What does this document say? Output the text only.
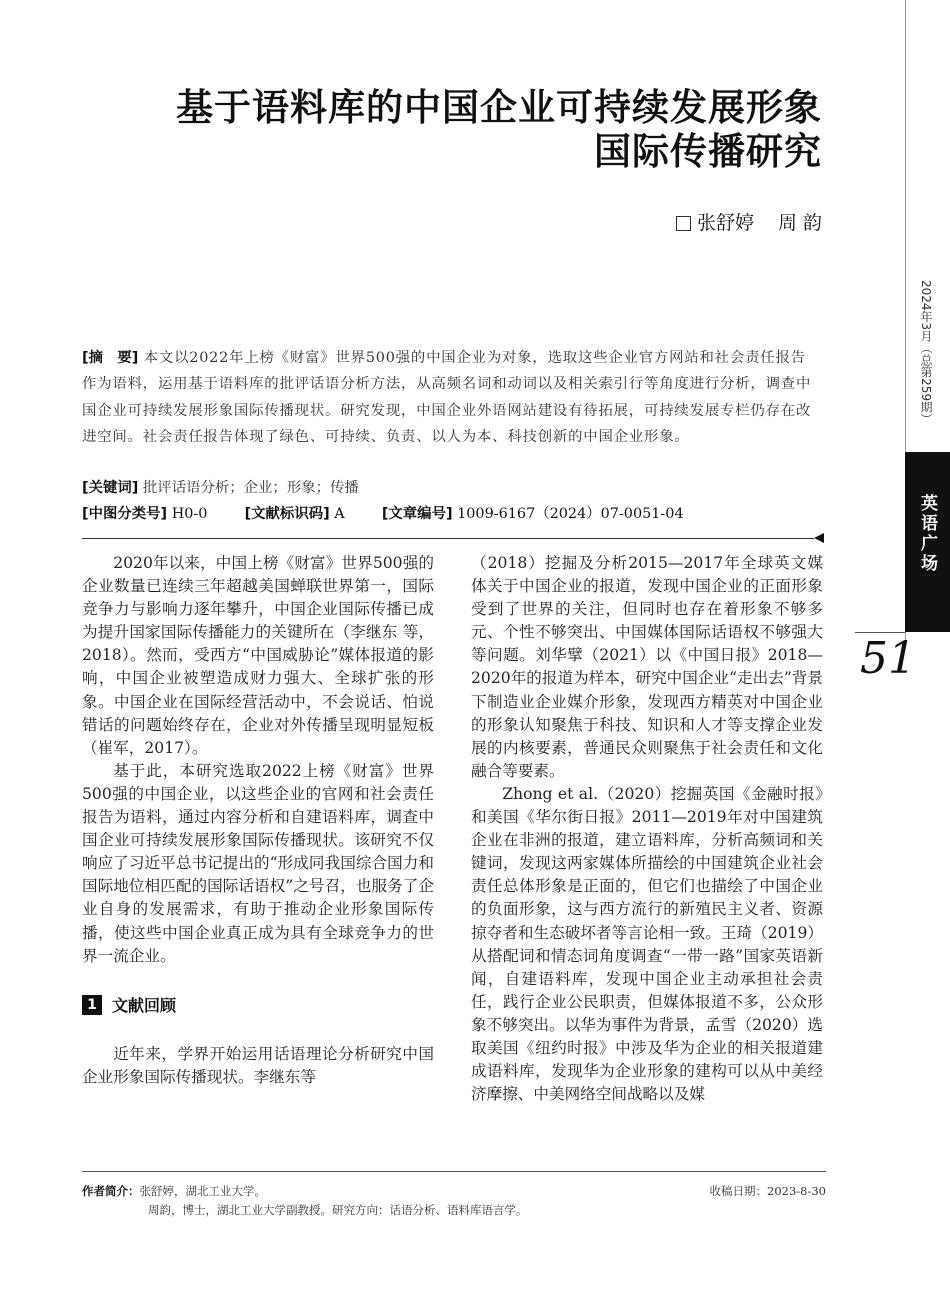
基于语料库的中国企业可持续发展形象
国际传播研究
张舒婷 周 韵
[摘　要] 本文以2022年上榜《财富》世界500强的中国企业为对象，选取这些企业官方网站和社会责任报告作为语料，运用基于语料库的批评话语分析方法，从高频名词和动词以及相关索引行等角度进行分析，调查中国企业可持续发展形象国际传播现状。研究发现，中国企业外语网站建设有待拓展，可持续发展专栏仍存在改进空间。社会责任报告体现了绿色、可持续、负责、以人为本、科技创新的中国企业形象。
[关键词] 批评话语分析；企业；形象；传播
[中图分类号] H0-0	[文献标识码] A	[文章编号] 1009-6167（2024）07-0051-04

2020年以来，中国上榜《财富》世界500强的企业数量已连续三年超越美国蝉联世界第一，国际竞争力与影响力逐年攀升，中国企业国际传播已成为提升国家国际传播能力的关键所在（李继东 等，2018）。然而，受西方“中国威胁论”媒体报道的影响，中国企业被塑造成财力强大、全球扩张的形象。中国企业在国际经营活动中，不会说话、怕说错话的问题始终存在，企业对外传播呈现明显短板（崔军，2017）。

基于此，本研究选取2022上榜《财富》世界500强的中国企业，以这些企业的官网和社会责任报告为语料，通过内容分析和自建语料库，调查中国企业可持续发展形象国际传播现状。该研究不仅响应了习近平总书记提出的“形成同我国综合国力和国际地位相匹配的国际话语权”之号召，也服务了企业自身的发展需求，有助于推动企业形象国际传播，使这些中国企业真正成为具有全球竞争力的世界一流企业。

1 文献回顾

近年来，学界开始运用话语理论分析研究中国企业形象国际传播现状。李继东等

（2018）挖掘及分析2015—2017年全球英文媒体关于中国企业的报道，发现中国企业的正面形象受到了世界的关注，但同时也存在着形象不够多元、个性不够突出、中国媒体国际话语权不够强大等问题。刘华擘（2021）以《中国日报》2018—2020年的报道为样本，研究中国企业“走出去”背景下制造业企业媒介形象，发现西方精英对中国企业的形象认知聚焦于科技、知识和人才等支撑企业发展的内核要素，普通民众则聚焦于社会责任和文化融合等要素。

Zhong et al.（2020）挖掘英国《金融时报》和美国《华尔街日报》2011—2019年对中国建筑企业在非洲的报道，建立语料库，分析高频词和关键词，发现这两家媒体所描绘的中国建筑企业社会责任总体形象是正面的，但它们也描绘了中国企业的负面形象，这与西方流行的新殖民主义者、资源掠夺者和生态破坏者等言论相一致。王琦（2019）从搭配词和情态词角度调查“一带一路”国家英语新闻，自建语料库，发现中国企业主动承担社会责任，践行企业公民职责，但媒体报道不多，公众形象不够突出。以华为事件为背景，孟雪（2020）选取美国《纽约时报》中涉及华为企业的相关报道建成语料库，发现华为企业形象的建构可以从中美经济摩擦、中美网络空间战略以及媒

作者简介：张舒婷，湖北工业大学。	收稿日期：2023-8-30
周韵，博士，湖北工业大学副教授。研究方向：话语分析、语料库语言学。
2024年3月（总第259期）
英语广场
51
